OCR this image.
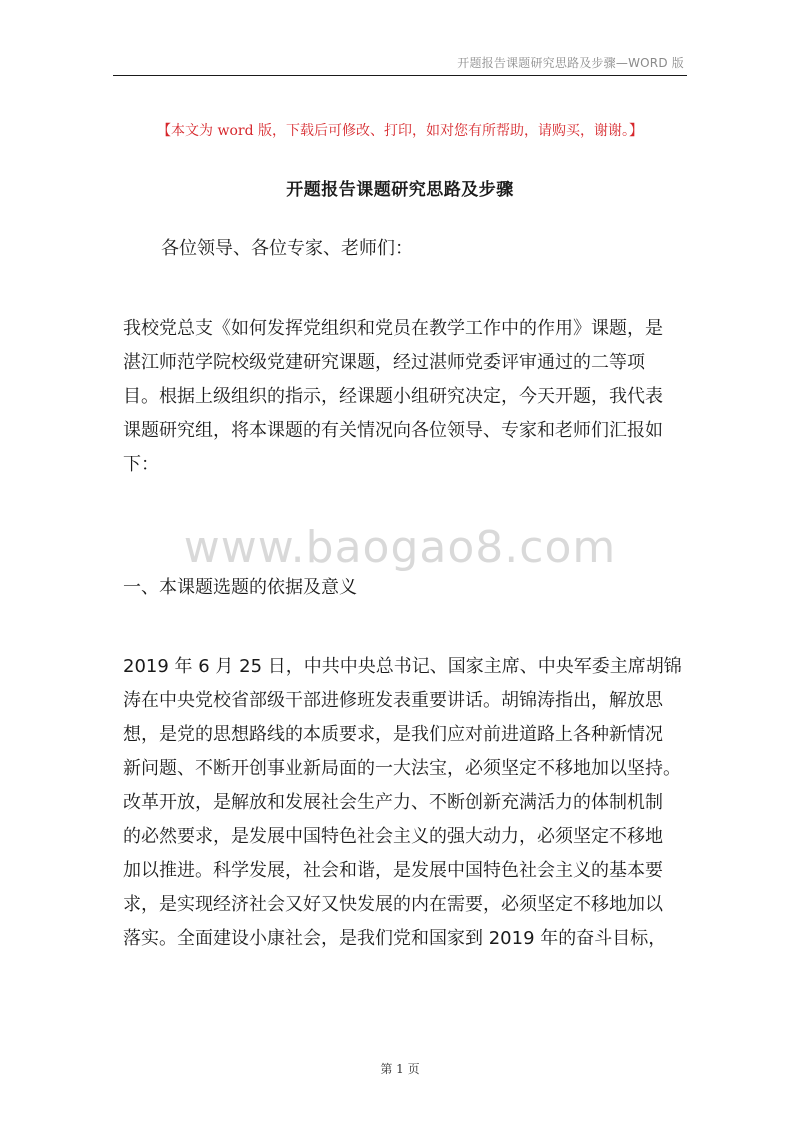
开题报告课题研究思路及步骤—WORD 版
【本文为 word 版，下载后可修改、打印，如对您有所帮助，请购买，谢谢。】
开题报告课题研究思路及步骤
各位领导、各位专家、老师们：
我校党总支《如何发挥党组织和党员在教学工作中的作用》课题，是
湛江师范学院校级党建研究课题，经过湛师党委评审通过的二等项
目。根据上级组织的指示，经课题小组研究决定，今天开题，我代表
课题研究组，将本课题的有关情况向各位领导、专家和老师们汇报如
下：
www.baogao8.com
一、本课题选题的依据及意义
2019 年 6 月 25 日，中共中央总书记、国家主席、中央军委主席胡锦
涛在中央党校省部级干部进修班发表重要讲话。胡锦涛指出，解放思
想，是党的思想路线的本质要求，是我们应对前进道路上各种新情况
新问题、不断开创事业新局面的一大法宝，必须坚定不移地加以坚持。
改革开放，是解放和发展社会生产力、不断创新充满活力的体制机制
的必然要求，是发展中国特色社会主义的强大动力，必须坚定不移地
加以推进。科学发展，社会和谐，是发展中国特色社会主义的基本要
求，是实现经济社会又好又快发展的内在需要，必须坚定不移地加以
落实。全面建设小康社会，是我们党和国家到 2019 年的奋斗目标，
第 1 页
